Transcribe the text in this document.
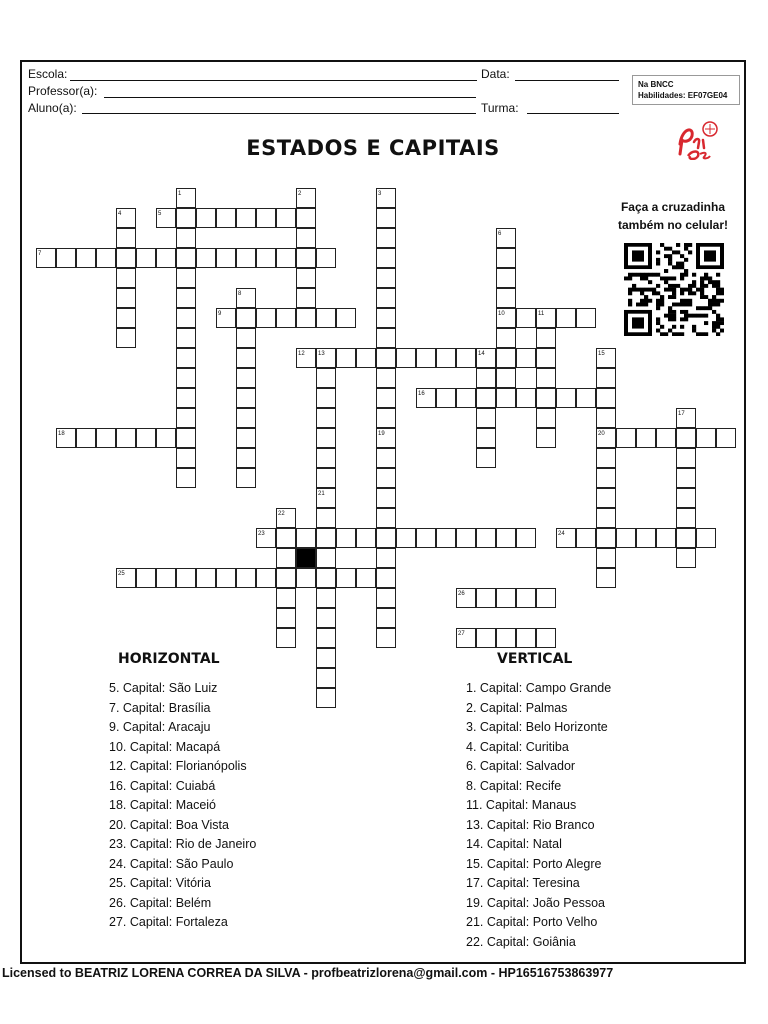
Escola:	Data:
Professor(a):
Aluno(a):	Turma:
Na BNCC
Habilidades: EF07GE04
ESTADOS E CAPITAIS
Faça a cruzadinha
também no celular!
5
7
9	10	11
12 13	14
16
18	20
23	24
25
26
27
1	2	3
4
6
8
21
15
17
19
22
HORIZONTAL	VERTICAL
5. Capital: São Luiz
7. Capital: Brasília
9. Capital: Aracaju
10. Capital: Macapá
12. Capital: Florianópolis
16. Capital: Cuiabá
18. Capital: Maceió
20. Capital: Boa Vista
23. Capital: Rio de Janeiro
24. Capital: São Paulo
25. Capital: Vitória
26. Capital: Belém
27. Capital: Fortaleza
1. Capital: Campo Grande
2. Capital: Palmas
3. Capital: Belo Horizonte
4. Capital: Curitiba
6. Capital: Salvador
8. Capital: Recife
11. Capital: Manaus
13. Capital: Rio Branco
14. Capital: Natal
15. Capital: Porto Alegre
17. Capital: Teresina
19. Capital: João Pessoa
21. Capital: Porto Velho
22. Capital: Goiânia
Licensed to BEATRIZ LORENA CORREA DA SILVA - profbeatrizlorena@gmail.com - HP16516753863977
